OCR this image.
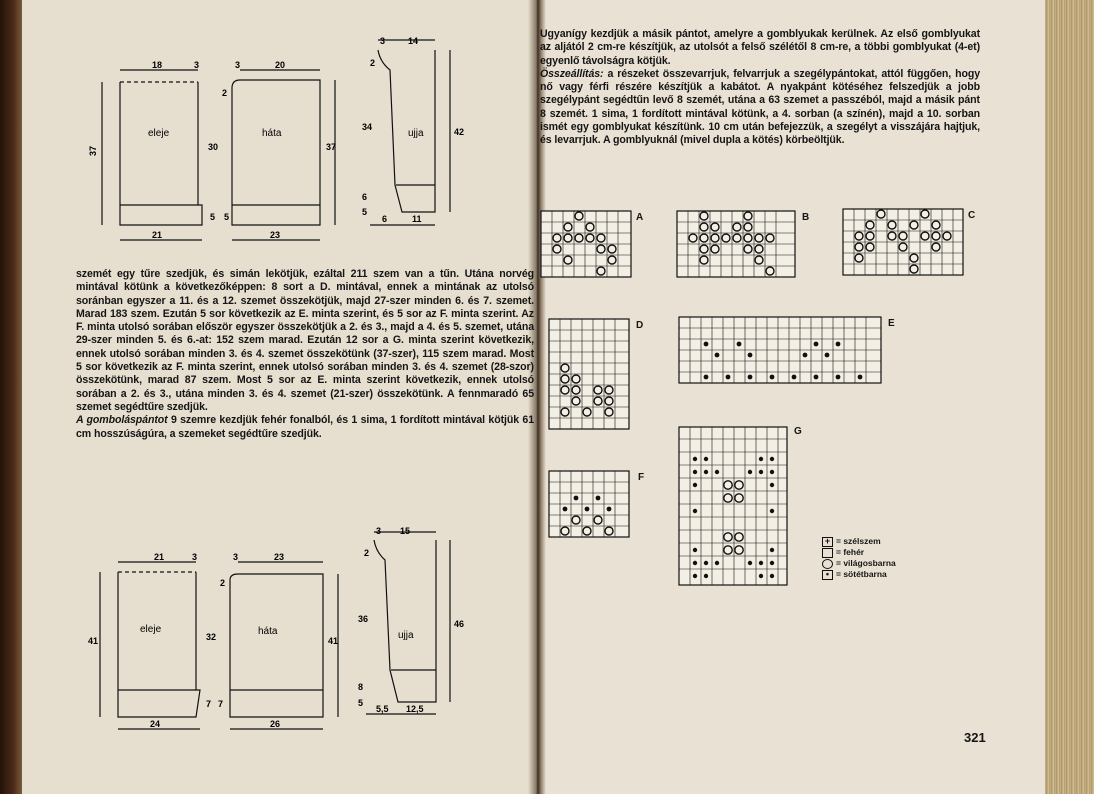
eleje	háta	ujja
18	3
37
5
21
3	20
2
30	37
5
23
3	14
2
34	42
6
5
6	11

szemét egy tűre szedjük, és simán lekötjük, ezáltal 211 szem van a tűn. Utána norvég mintával kötünk a következőképpen: 8 sort a D. mintával, ennek a mintának az utolsó soránban egyszer a 11. és a 12. szemet összekötjük, majd 27-szer minden 6. és 7. szemet. Marad 183 szem. Ezután 5 sor következik az E. minta szerint, és 5 sor az F. minta szerint. Az F. minta utolsó sorában először egyszer összekötjük a 2. és 3., majd a 4. és 5. szemet, utána 29-szer minden 5. és 6.-at: 152 szem marad. Ezután 12 sor a G. minta szerint következik, ennek utolsó sorában minden 3. és 4. szemet összekötünk (37-szer), 115 szem marad. Most 5 sor következik az F. minta szerint, ennek utolsó sorában minden 3. és 4. szemet (28-szor) összekötünk, marad 87 szem. Most 5 sor az E. minta szerint következik, ennek utolsó sorában a 2. és 3., utána minden 3. és 4. szemet (21-szer) összekötünk. A fennmaradó 65 szemet segédtűre szedjük.

A gomboláspántot 9 szemre kezdjük fehér fonalból, és 1 sima, 1 fordított mintával kötjük 61 cm hosszúságúra, a szemeket segédtűre szedjük.

eleje	háta	ujja
21	3
41
7
24
3	23
2
32	41
7
26
3 15
2
36	46
8
5
5,5 12,5

Ugyanígy kezdjük a másik pántot, amelyre a gomblyukak kerülnek. Az első gomblyukat az aljától 2 cm-re készítjük, az utolsót a felső szélétől 8 cm-re, a többi gomblyukat (4-et) egyenlő távolságra kötjük.

Összeállítás: a részeket összevarrjuk, felvarrjuk a szegélypántokat, attól függően, hogy nő vagy férfi részére készítjük a kabátot. A nyakpánt kötéséhez felszedjük a jobb szegélypánt segédtűn levő 8 szemét, utána a 63 szemet a passzéból, majd a másik pánt 8 szemét. 1 sima, 1 fordított mintával kötünk, a 4. sorban (a színén), majd a 10. sorban ismét egy gomblyukat készítünk. 10 cm után befejezzük, a szegélyt a visszájára hajtjuk, és levarrjuk. A gomblyuknál (mivel dupla a kötés) körbeöltjük.

A	B	C
D	E
F
G
+ = szélszem
= fehér
= világosbarna
• = sötétbarna
321
